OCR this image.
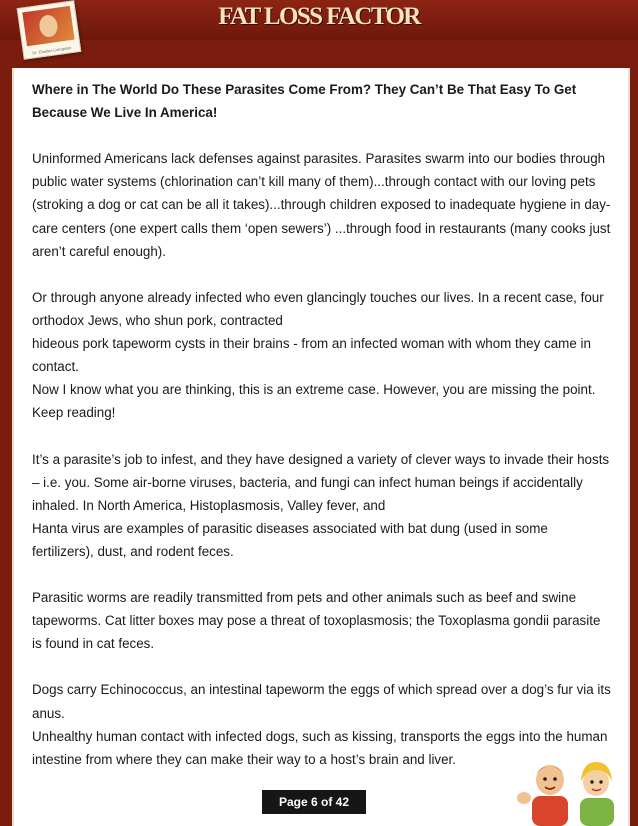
FAT LOSS FACTOR
Dr. Charles Livingston

Where in The World Do These Parasites Come From? They Can’t Be That Easy To Get Because We Live In America!

Uninformed Americans lack defenses against parasites. Parasites swarm into our bodies through public water systems (chlorination can’t kill many of them)...through contact with our loving pets (stroking a dog or cat can be all it takes)...through children exposed to inadequate hygiene in day-care centers (one expert calls them ‘open sewers’) ...through food in restaurants (many cooks just aren’t careful enough).

Or through anyone already infected who even glancingly touches our lives. In a recent case, four orthodox Jews, who shun pork, contracted
hideous pork tapeworm cysts in their brains - from an infected woman with whom they came in contact.
Now I know what you are thinking, this is an extreme case. However, you are missing the point. Keep reading!

It’s a parasite’s job to infest, and they have designed a variety of clever ways to invade their hosts – i.e. you. Some air-borne viruses, bacteria, and fungi can infect human beings if accidentally inhaled. In North America, Histoplasmosis, Valley fever, and
Hanta virus are examples of parasitic diseases associated with bat dung (used in some fertilizers), dust, and rodent feces.

Parasitic worms are readily transmitted from pets and other animals such as beef and swine tapeworms. Cat litter boxes may pose a threat of toxoplasmosis; the Toxoplasma gondii parasite is found in cat feces.

Dogs carry Echinococcus, an intestinal tapeworm the eggs of which spread over a dog’s fur via its anus.
Unhealthy human contact with infected dogs, such as kissing, transports the eggs into the human intestine from where they can make their way to a host’s brain and liver.

Page 6 of 42
